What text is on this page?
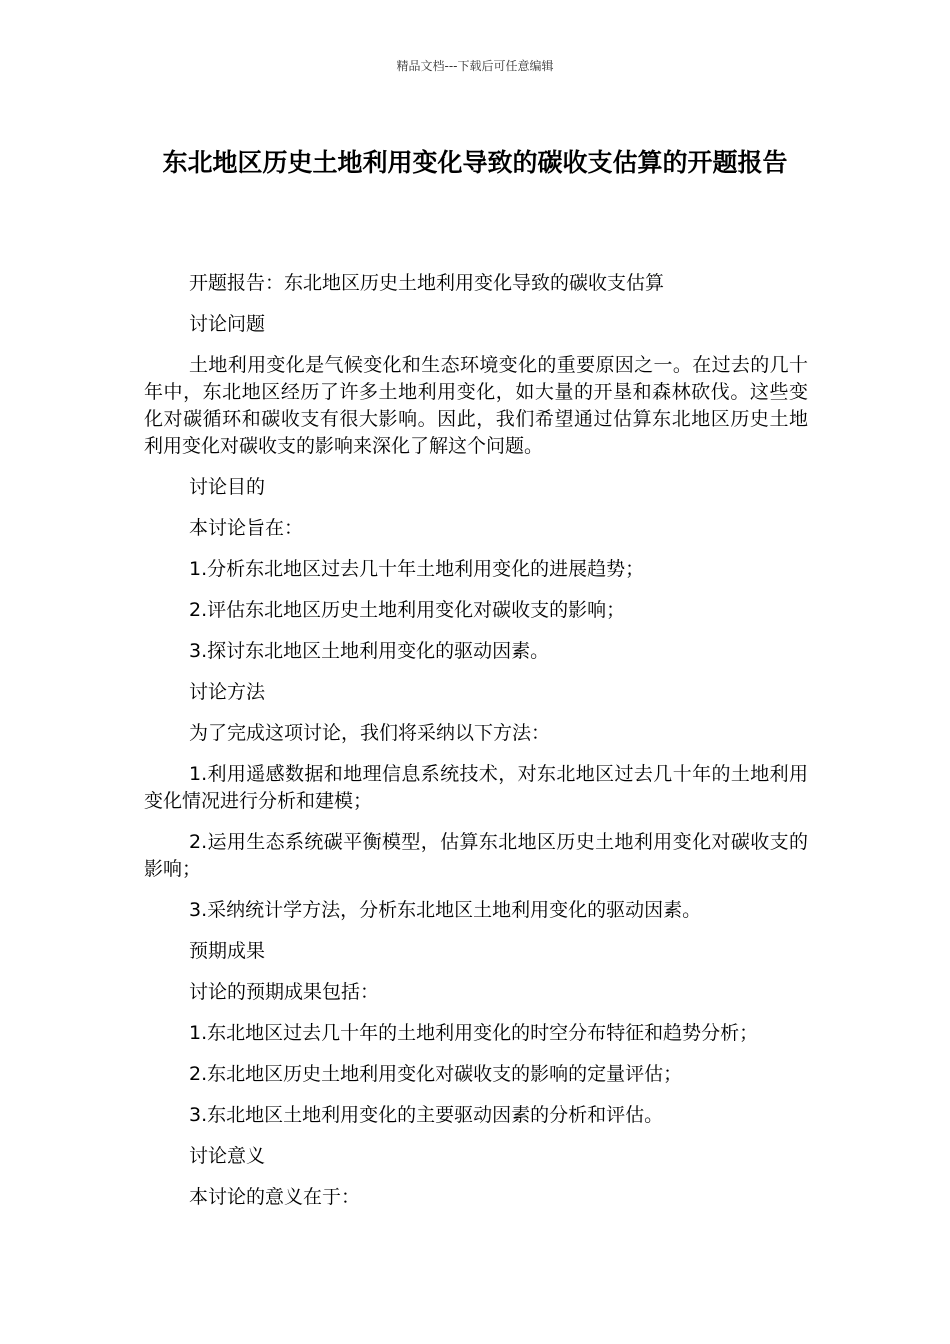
精品文档---下载后可任意编辑
东北地区历史土地利用变化导致的碳收支估算的开题报告

开题报告：东北地区历史土地利用变化导致的碳收支估算

讨论问题

土地利用变化是气候变化和生态环境变化的重要原因之一。在过去的几十年中，东北地区经历了许多土地利用变化，如大量的开垦和森林砍伐。这些变化对碳循环和碳收支有很大影响。因此，我们希望通过估算东北地区历史土地利用变化对碳收支的影响来深化了解这个问题。

讨论目的

本讨论旨在：

1.分析东北地区过去几十年土地利用变化的进展趋势；

2.评估东北地区历史土地利用变化对碳收支的影响；

3.探讨东北地区土地利用变化的驱动因素。

讨论方法

为了完成这项讨论，我们将采纳以下方法：

1.利用遥感数据和地理信息系统技术，对东北地区过去几十年的土地利用变化情况进行分析和建模；

2.运用生态系统碳平衡模型，估算东北地区历史土地利用变化对碳收支的影响；

3.采纳统计学方法，分析东北地区土地利用变化的驱动因素。

预期成果

讨论的预期成果包括：

1.东北地区过去几十年的土地利用变化的时空分布特征和趋势分析；

2.东北地区历史土地利用变化对碳收支的影响的定量评估；

3.东北地区土地利用变化的主要驱动因素的分析和评估。

讨论意义

本讨论的意义在于：
